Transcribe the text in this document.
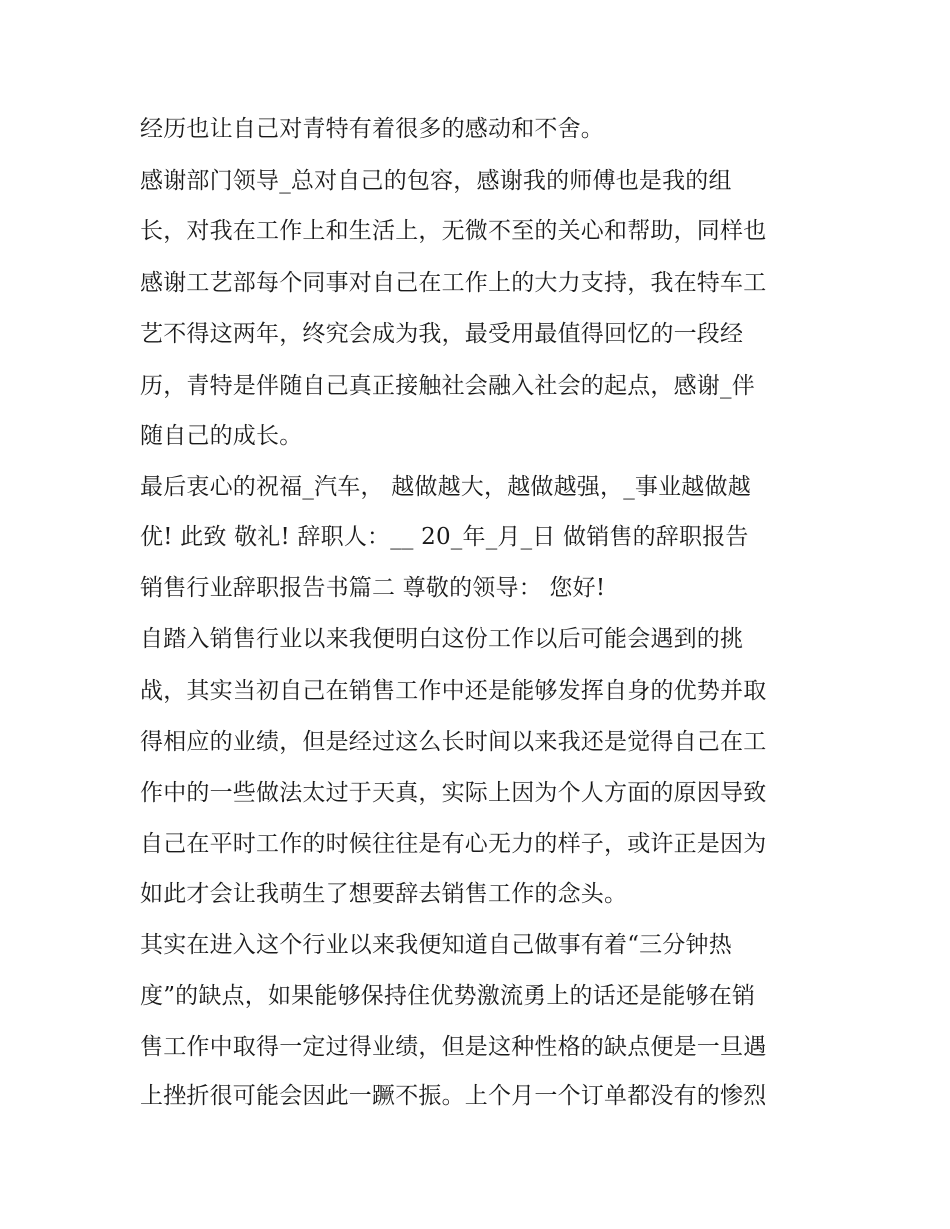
经历也让自己对青特有着很多的感动和不舍。
感谢部门领导_总对自己的包容，感谢我的师傅也是我的组
长，对我在工作上和生活上，无微不至的关心和帮助，同样也
感谢工艺部每个同事对自己在工作上的大力支持，我在特车工
艺不得这两年，终究会成为我，最受用最值得回忆的一段经
历，青特是伴随自己真正接触社会融入社会的起点，感谢_伴
随自己的成长。
最后衷心的祝福_汽车， 越做越大，越做越强，_事业越做越
优! 此致 敬礼! 辞职人：__ 20_年_月_日 做销售的辞职报告
销售行业辞职报告书篇二 尊敬的领导： 您好!
自踏入销售行业以来我便明白这份工作以后可能会遇到的挑
战，其实当初自己在销售工作中还是能够发挥自身的优势并取
得相应的业绩，但是经过这么长时间以来我还是觉得自己在工
作中的一些做法太过于天真，实际上因为个人方面的原因导致
自己在平时工作的时候往往是有心无力的样子，或许正是因为
如此才会让我萌生了想要辞去销售工作的念头。
其实在进入这个行业以来我便知道自己做事有着“三分钟热
度”的缺点，如果能够保持住优势激流勇上的话还是能够在销
售工作中取得一定过得业绩，但是这种性格的缺点便是一旦遇
上挫折很可能会因此一蹶不振。上个月一个订单都没有的惨烈
